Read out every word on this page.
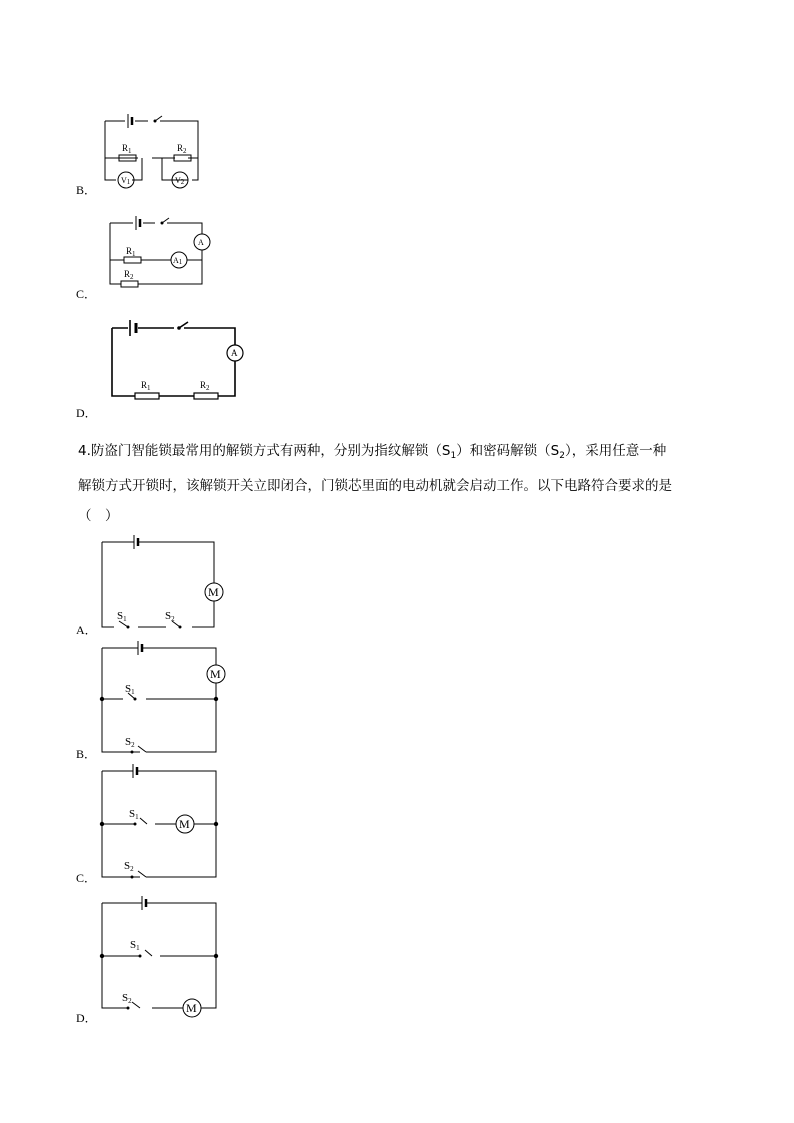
B．
$R_1$	$R_2$
V1	V2
C．
A
A1
$R_1$
$R_2$
D．
A
$R_1$	$R_2$
4.防盗门智能锁最常用的解锁方式有两种，分别为指纹解锁$(S_1)$和密码解锁$(S_2)$，采用任意一种
解锁方式开锁时，该解锁开关立即闭合，门锁芯里面的电动机就会启动工作。以下电路符合要求的是
（　）
A．
M
S1	S2
B．
M
S1
S2
C．
M
S1
S2
D．
M
S1
S2
